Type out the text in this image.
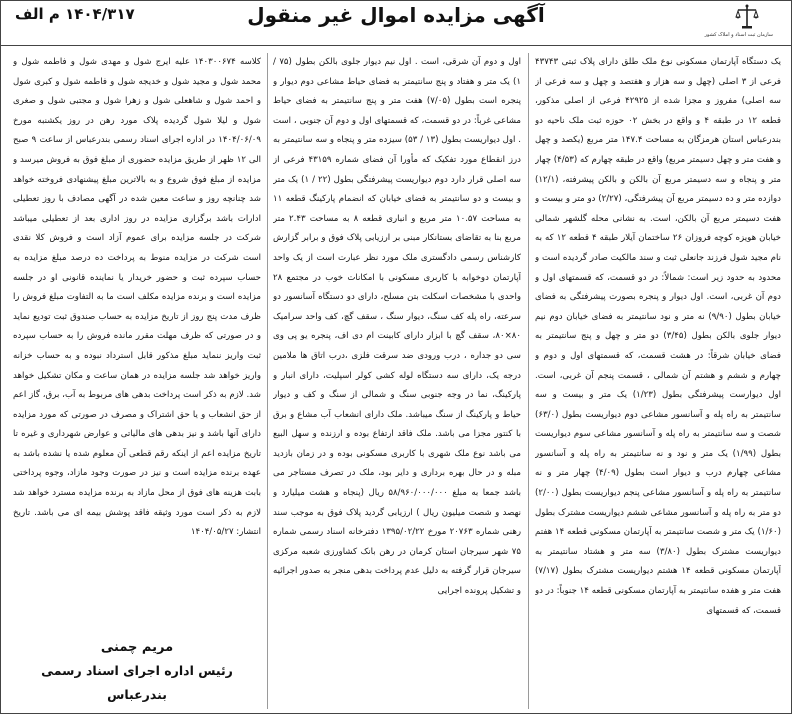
۱۴۰۴/۳۱۷ م الف	آگهی مزایده اموال غیر منقول
سازمان ثبت اسناد و املاک کشور
یک دستگاه آپارتمان مسکونی نوع ملک طلق دارای پلاک ثبتی ۴۳۷۴۳ فرعی از ۳ اصلی (چهل و سه هزار و هفتصد و چهل و سه فرعی از سه اصلی) مفروز و مجزا شده از ۴۲۹۲۵ فرعی از اصلی مذکور، قطعه ۱۲ در طبقه ۴ و واقع در بخش ۰۲ حوزه ثبت ملک ناحیه دو بندرعباس استان هرمزگان به مساحت ۱۴۷.۴ متر مربع (یکصد و چهل و هفت متر و چهل دسیمتر مربع) واقع در طبقه چهارم که (۴/۵۳) چهار متر و پنجاه و سه دسیمتر مربع آن بالکن و بالکن پیشرفته، (۱۲/۱) دوازده متر و ده دسیمتر مربع آن پیشرفتگی، (۲/۲۷) دو متر و بیست و هفت دسیمتر مربع آن بالکن، است. به نشانی محله گلشهر شمالی خیابان هویزه کوچه فروزان ۲۶ ساختمان آیلار طبقه ۴ قطعه ۱۲ که به نام مجید شول فرزند جانعلی ثبت و سند مالکیت صادر گردیده است و محدود به حدود زیر است: شمالاً: در دو قسمت، که قسمتهای اول و دوم آن غربی، است. اول دیوار و پنجره بصورت پیشرفتگی به فضای خیابان بطول (۹/۹۰) نه متر و نود سانتیمتر به فضای خیابان دوم نیم دیوار جلوی بالکن بطول (۳/۴۵) دو متر و چهل و پنج سانتیمتر به فضای خیابان شرقاً: در هشت قسمت، که قسمتهای اول و دوم و چهارم و ششم و هشتم آن شمالی ، قسمت پنجم آن غربی، است. اول دیوارست پیشرفتگی بطول (۱/۲۳) یک متر و بیست و سه سانتیمتر به راه پله و آسانسور مشاعی دوم دیواریست بطول (۶۳/۰) شصت و سه سانتیمتر به راه پله و آسانسور مشاعی سوم دیواریست بطول (۱/۹۹) یک متر و نود و نه سانتیمتر به راه پله و آسانسور مشاعی چهارم درب و دیوار است بطول (۴/۰۹) چهار متر و نه سانتیمتر به راه پله و آسانسور مشاعی پنجم دیواریست بطول (۲/۰۰) دو متر به راه پله و آسانسور مشاعی ششم دیواریست مشترک بطول (۱/۶۰) یک متر و شصت سانتیمتر به آپارتمان مسکونی قطعه ۱۴ هفتم دیواریست مشترک بطول (۳/۸۰) سه متر و هشتاد سانتیمتر به آپارتمان مسکونی قطعه ۱۴ هشتم دیواریست مشترک بطول (۷/۱۷) هفت متر و هفده سانتیمتر به آپارتمان مسکونی قطعه ۱۴ جنوباً: در دو قسمت، که قسمتهای
اول و دوم آن شرقی، است . اول نیم دیوار جلوی بالکن بطول (۷۵ / ۱) یک متر و هفتاد و پنج سانتیمتر به فضای حیاط مشاعی دوم دیوار و پنجره است بطول (۷/۰۵) هفت متر و پنج سانتیمتر به فضای حیاط مشاعی غرباً: در دو قسمت، که قسمتهای اول و دوم آن جنوبی ، است . اول دیواریست بطول (۱۳ / ۵۳) سیزده متر و پنجاه و سه سانتیمتر به درز انقطاع مورد تفکیک که مأورا آن فضای شماره ۴۳۱۵۹ فرعی از سه اصلی قرار دارد دوم دیواریست پیشرفتگی بطول (۲۲ / ۱) یک متر و بیست و دو سانتیمتر به فضای خیابان که انضمام پارکینگ قطعه ۱۱ به مساحت ۱۰.۵۷ متر مربع و انباری قطعه ۸ به مساحت ۲.۴۳ متر مربع بنا به تقاضای بستانکار مبنی بر ارزیابی پلاک فوق و برابر گزارش کارشناس رسمی دادگستری ملک مورد نظر عبارت است از یک واحد آپارتمان دوخوابه با کاربری مسکونی با امکانات خوب در مجتمع ۲۸ واحدی با مشخصات اسکلت بتن مسلح، دارای دو دستگاه آسانسور دو سرعته، راه پله کف سنگ، دیوار سنگ ، سقف گچ، کف واحد سرامیک ۸۰×۸۰، سقف گچ با ابزار دارای کابینت ام دی اف، پنجره یو پی وی سی دو جداره ، درب ورودی ضد سرقت فلزی ،درب اتاق ها ملامین درجه یک، دارای سه دستگاه لوله کشی کولر اسپلیت، دارای انبار و پارکینگ، نما در وجه جنوبی سنگ و شمالی از سنگ و کف و دیوار حیاط و پارکینگ از سنگ میباشد. ملک دارای انشعاب آب مشاع و برق با کنتور مجزا می باشد. ملک فاقد ارتفاع بوده و ارزنده و سهل البیع می باشد نوع ملک شهری با کاربری مسکونی بوده و در زمان بازدید مبله و در حال بهره برداری و دایر بود، ملک در تصرف مستاجر می باشد جمعا به مبلغ ۵۸/۹۶۰/۰۰۰/۰۰۰ ریال (پنجاه و هشت میلیارد و نهصد و شصت میلیون ریال ) ارزیابی گردید پلاک فوق به موجب سند رهنی شماره ۲۰۷۶۳ مورخ ۱۳۹۵/۰۲/۲۲ دفترخانه اسناد رسمی شماره ۷۵ شهر سیرجان استان کرمان در رهن بانک کشاورزی شعبه مرکزی سیرجان قرار گرفته به دلیل عدم پرداخت بدهی منجر به صدور اجرائیه و تشکیل پرونده اجرایی
کلاسه ۱۴۰۳۰۰۶۷۴ علیه ایرج شول و مهدی شول و فاطمه شول و محمد شول و مجید شول و خدیجه شول و فاطمه شول و کبری شول و احمد شول و شاهعلی شول و زهرا شول و مجتبی شول و صغری شول و لیلا شول گردیده پلاک مورد رهن در روز یکشنبه مورخ ۱۴۰۴/۰۶/۰۹ در اداره اجرای اسناد رسمی بندرعباس از ساعت ۹ صبح الی ۱۲ ظهر از طریق مزایده حضوری از مبلغ فوق به فروش میرسد و مزایده از مبلغ فوق شروع و به بالاترین مبلغ پیشنهادی فروخته خواهد شد چنانچه روز و ساعت معین شده در آگهی مصادف با روز تعطیلی ادارات باشد برگزاری مزایده در روز اداری بعد از تعطیلی میباشد شرکت در جلسه مزایده برای عموم آزاد است و فروش کلا نقدی است شرکت در مزایده منوط به پرداخت ده درصد مبلغ مزایده به حساب سپرده ثبت و حضور خریدار یا نماینده قانونی او در جلسه مزایده است و برنده مزایده مکلف است ما به التفاوت مبلغ فروش را ظرف مدت پنج روز از تاریخ مزایده به حساب صندوق ثبت تودیع نماید و در صورتی که ظرف مهلت مقرر مانده فروش را به حساب سپرده ثبت واریز ننماید مبلغ مذکور قابل استرداد نبوده و به حساب خزانه واریز خواهد شد جلسه مزایده در همان ساعت و مکان تشکیل خواهد شد. لازم به ذکر است پرداخت بدهی های مربوط به آب، برق، گاز اعم از حق انشعاب و یا حق اشتراک و مصرف در صورتی که مورد مزایده دارای آنها باشد و نیز بدهی های مالیاتی و عوارض شهرداری و غیره تا تاریخ مزایده اعم از اینکه رقم قطعی آن معلوم شده یا نشده باشد به عهده برنده مزایده است و نیز در صورت وجود مازاد، وجوه پرداختی بابت هزینه های فوق از محل مازاد به برنده مزایده مسترد خواهد شد لازم به ذکر است مورد وثیقه فاقد پوشش بیمه ای می باشد. تاریخ انتشار: ۱۴۰۴/۰۵/۲۷
مریم چمنی
رئیس اداره اجرای اسناد رسمی بندرعباس
